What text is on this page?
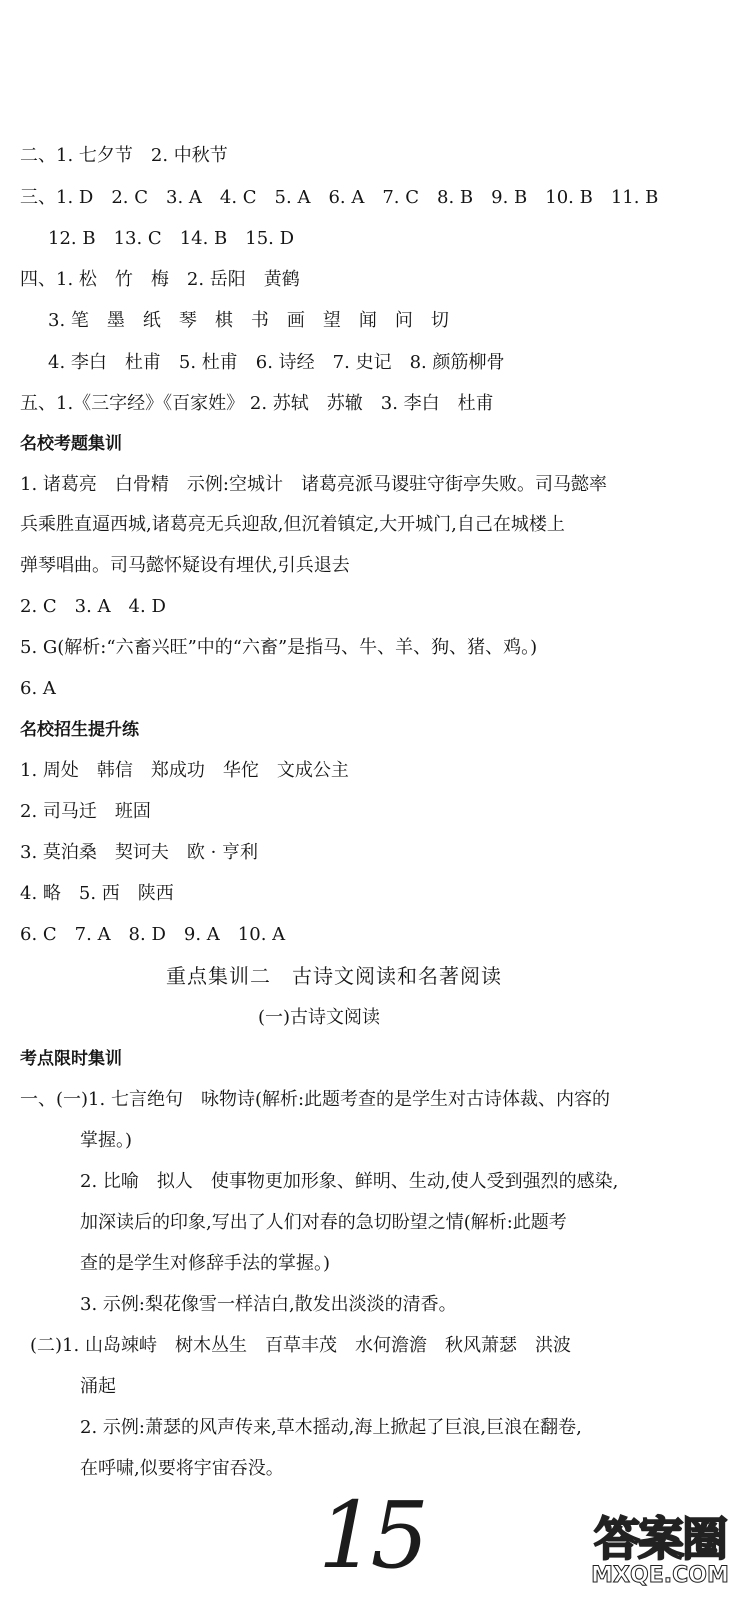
二、1. 七夕节　2. 中秋节
三、1. D　2. C　3. A　4. C　5. A　6. A　7. C　8. B　9. B　10. B　11. B
12. B　13. C　14. B　15. D
四、1. 松　竹　梅　2. 岳阳　黄鹤
3. 笔　墨　纸　琴　棋　书　画　望　闻　问　切
4. 李白　杜甫　5. 杜甫　6. 诗经　7. 史记　8. 颜筋柳骨
五、1.《三字经》《百家姓》 2. 苏轼　苏辙　3. 李白　杜甫
名校考题集训
1. 诸葛亮　白骨精　示例:空城计　诸葛亮派马谡驻守街亭失败。司马懿率
兵乘胜直逼西城,诸葛亮无兵迎敌,但沉着镇定,大开城门,自己在城楼上
弹琴唱曲。司马懿怀疑设有埋伏,引兵退去
2. C　3. A　4. D
5. G(解析:“六畜兴旺”中的“六畜”是指马、牛、羊、狗、猪、鸡。)
6. A
名校招生提升练
1. 周处　韩信　郑成功　华佗　文成公主
2. 司马迁　班固
3. 莫泊桑　契诃夫　欧 · 亨利
4. 略　5. 西　陕西
6. C　7. A　8. D　9. A　10. A
重点集训二　古诗文阅读和名著阅读
(一)古诗文阅读
考点限时集训
一、(一)1. 七言绝句　咏物诗(解析:此题考查的是学生对古诗体裁、内容的
掌握。)
2. 比喻　拟人　使事物更加形象、鲜明、生动,使人受到强烈的感染,
加深读后的印象,写出了人们对春的急切盼望之情(解析:此题考
查的是学生对修辞手法的掌握。)
3. 示例:梨花像雪一样洁白,散发出淡淡的清香。
(二)1. 山岛竦峙　树木丛生　百草丰茂　水何澹澹　秋风萧瑟　洪波
涌起
2. 示例:萧瑟的风声传来,草木摇动,海上掀起了巨浪,巨浪在翻卷,
在呼啸,似要将宇宙吞没。
15	答案圈
MXQE.COM
